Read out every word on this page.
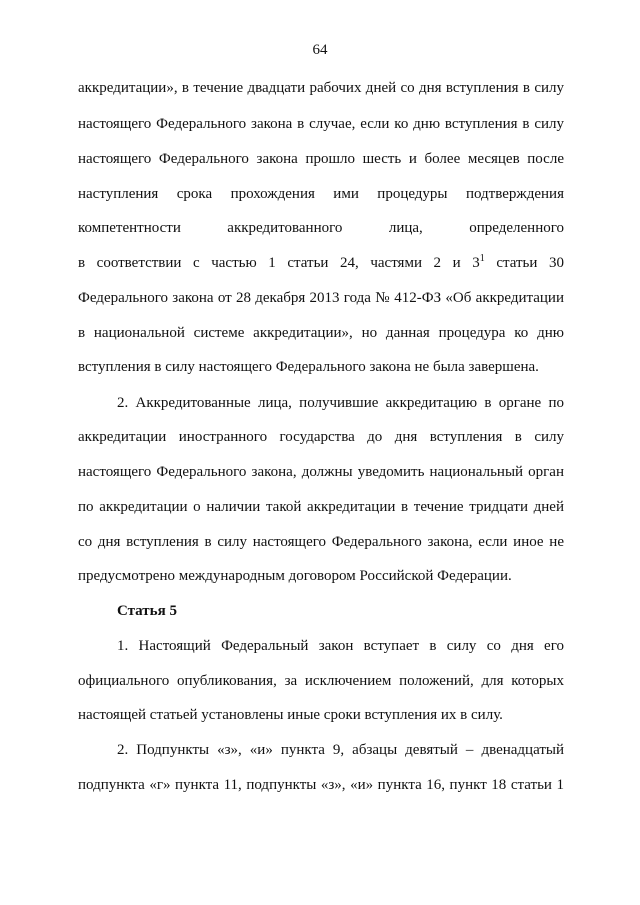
64
аккредитации», в течение двадцати рабочих дней со дня вступления в силу
настоящего Федерального закона в случае, если ко дню вступления в силу
настоящего Федерального закона прошло шесть и более месяцев после
наступления срока прохождения ими процедуры подтверждения
компетентности аккредитованного лица, определенного
в соответствии с частью 1 статьи 24, частями 2 и $3^1$ статьи 30
Федерального закона от 28 декабря 2013 года № 412-ФЗ «Об аккредитации
в национальной системе аккредитации», но данная процедура ко дню
вступления в силу настоящего Федерального закона не была завершена.
2. Аккредитованные лица, получившие аккредитацию в органе по
аккредитации иностранного государства до дня вступления в силу
настоящего Федерального закона, должны уведомить национальный орган
по аккредитации о наличии такой аккредитации в течение тридцати дней
со дня вступления в силу настоящего Федерального закона, если иное не
предусмотрено международным договором Российской Федерации.
Статья 5
1. Настоящий Федеральный закон вступает в силу со дня его
официального опубликования, за исключением положений, для которых
настоящей статьей установлены иные сроки вступления их в силу.
2. Подпункты «з», «и» пункта 9, абзацы девятый – двенадцатый
подпункта «г» пункта 11, подпункты «з», «и» пункта 16, пункт 18 статьи 1
